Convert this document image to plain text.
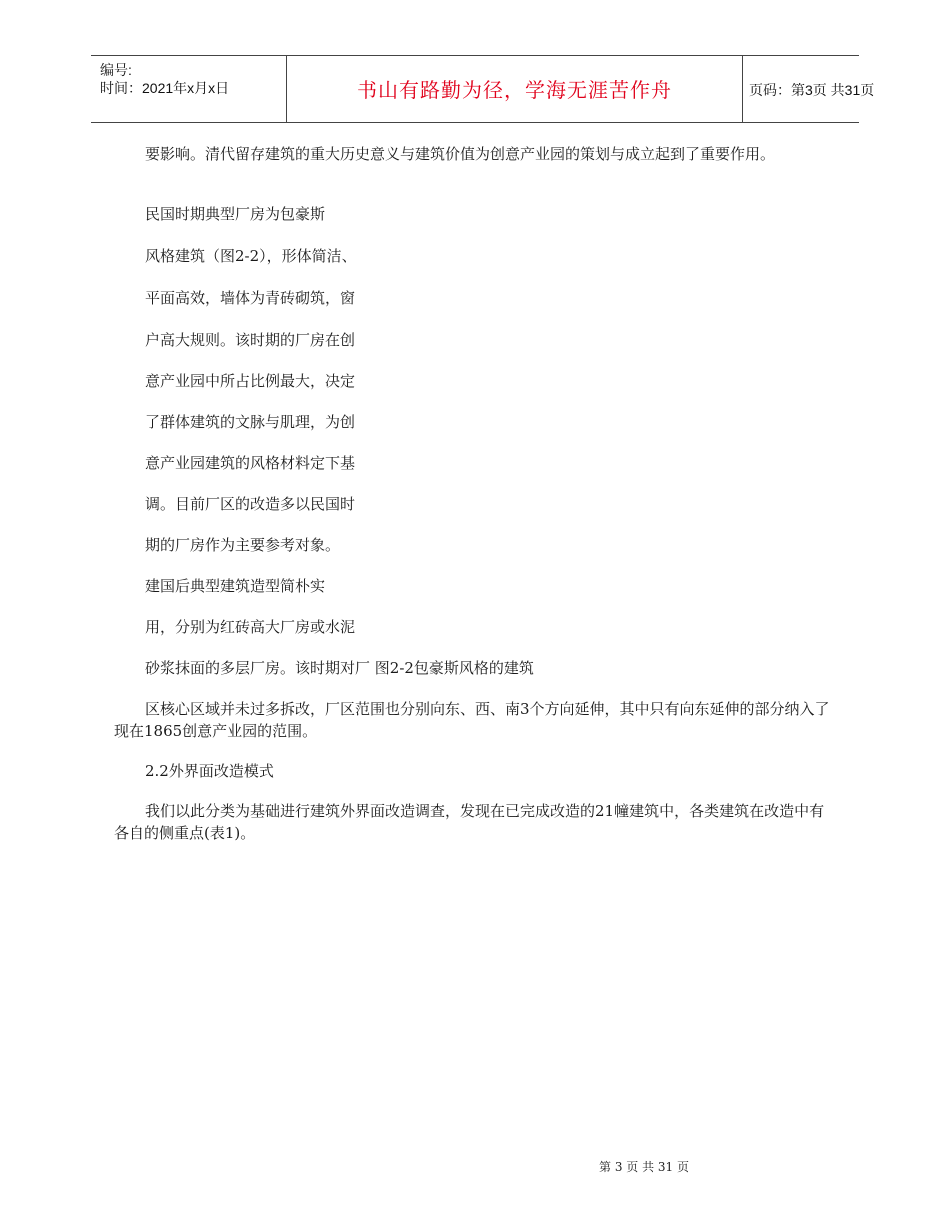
编号:
时间：2021年x月x日	书山有路勤为径，学海无涯苦作舟	页码：第3页 共31页

要影响。清代留存建筑的重大历史意义与建筑价值为创意产业园的策划与成立起到了重要作用。

民国时期典型厂房为包豪斯

风格建筑（图2-2），形体简洁、

平面高效，墙体为青砖砌筑，窗

户高大规则。该时期的厂房在创

意产业园中所占比例最大，决定

了群体建筑的文脉与肌理，为创

意产业园建筑的风格材料定下基

调。目前厂区的改造多以民国时

期的厂房作为主要参考对象。

建国后典型建筑造型简朴实

用，分别为红砖高大厂房或水泥

砂浆抹面的多层厂房。该时期对厂 图2-2包豪斯风格的建筑

区核心区域并未过多拆改，厂区范围也分别向东、西、南3个方向延伸，其中只有向东延伸的部分纳入了现在1865创意产业园的范围。

2.2外界面改造模式

我们以此分类为基础进行建筑外界面改造调查，发现在已完成改造的21幢建筑中，各类建筑在改造中有各自的侧重点(表1)。

第 3 页 共 31 页
